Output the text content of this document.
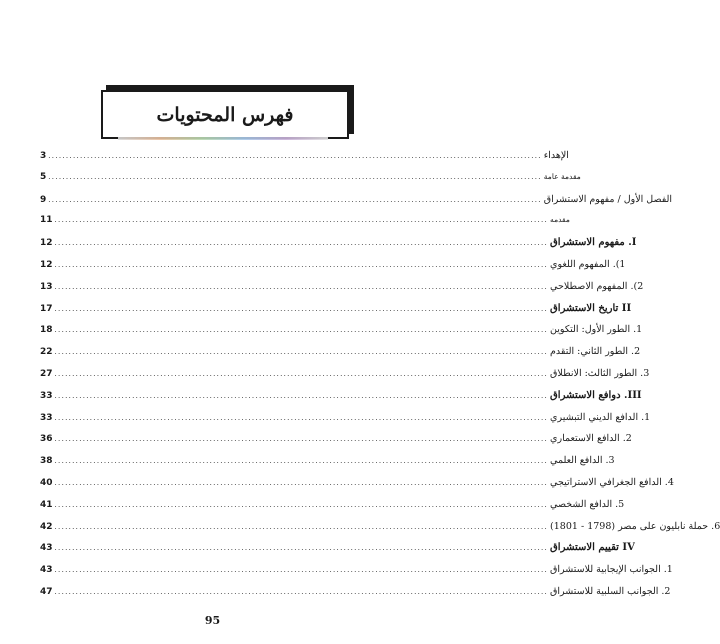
فهرس المحتويات
3 ............................................................................................................................................ الإهداء
5 ............................................................................................................................................ مقدمة عامة
9 ............................................................................................................................................ الفصل الأول / مفهوم الاستشراق
11 ............................................................................................................................................ مقدمه
12 ............................................................................................................................................ I. مفهوم الاستشراق
12 ............................................................................................................................................ 1). المفهوم اللغوي
13 ............................................................................................................................................ 2). المفهوم الاصطلاحي
17 ............................................................................................................................................ II تاريخ الاستشراق
18 ............................................................................................................................................ 1. الطور الأول: التكوين
22 ............................................................................................................................................ 2. الطور الثاني: التقدم
27 ............................................................................................................................................ 3. الطور الثالث: الانطلاق
33 ............................................................................................................................................ III. دوافع الاستشراق
33 ............................................................................................................................................ 1. الدافع الديني التبشيري
36 ............................................................................................................................................ 2. الدافع الاستعماري
38 ............................................................................................................................................ 3. الدافع العلمي
40 ............................................................................................................................................ 4. الدافع الجغرافي الاستراتيجي
41 ............................................................................................................................................ 5. الدافع الشخصي
42 ............................................................................................................................................ 6. حملة نابليون على مصر (1798 - 1801)
43 ............................................................................................................................................ IV تقييم الاستشراق
43 ............................................................................................................................................ 1. الجوانب الإيجابية للاستشراق
47 ............................................................................................................................................ 2. الجوانب السلبية للاستشراق
95
